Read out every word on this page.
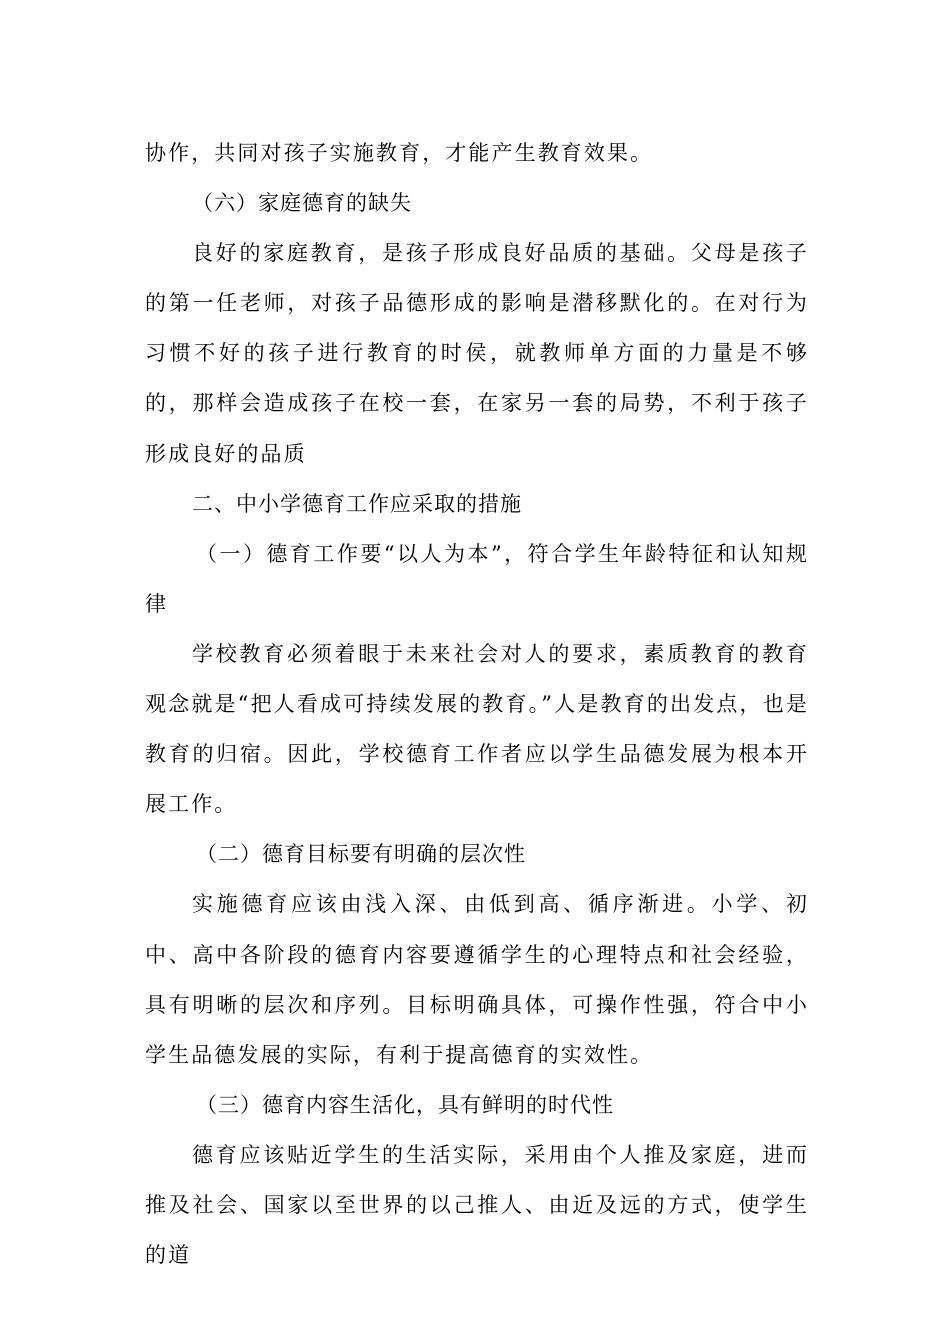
协作，共同对孩子实施教育，才能产生教育效果。

（六）家庭德育的缺失

良好的家庭教育，是孩子形成良好品质的基础。父母是孩子的第一任老师，对孩子品德形成的影响是潜移默化的。在对行为习惯不好的孩子进行教育的时侯，就教师单方面的力量是不够的，那样会造成孩子在校一套，在家另一套的局势，不利于孩子形成良好的品质

二、中小学德育工作应采取的措施

（一）德育工作要“以人为本”，符合学生年龄特征和认知规律

学校教育必须着眼于未来社会对人的要求，素质教育的教育观念就是“把人看成可持续发展的教育。”人是教育的出发点，也是教育的归宿。因此，学校德育工作者应以学生品德发展为根本开展工作。

（二）德育目标要有明确的层次性

实施德育应该由浅入深、由低到高、循序渐进。小学、初中、高中各阶段的德育内容要遵循学生的心理特点和社会经验，具有明晰的层次和序列。目标明确具体，可操作性强，符合中小学生品德发展的实际，有利于提高德育的实效性。

（三）德育内容生活化，具有鲜明的时代性

德育应该贴近学生的生活实际，采用由个人推及家庭，进而推及社会、国家以至世界的以己推人、由近及远的方式，使学生的道
